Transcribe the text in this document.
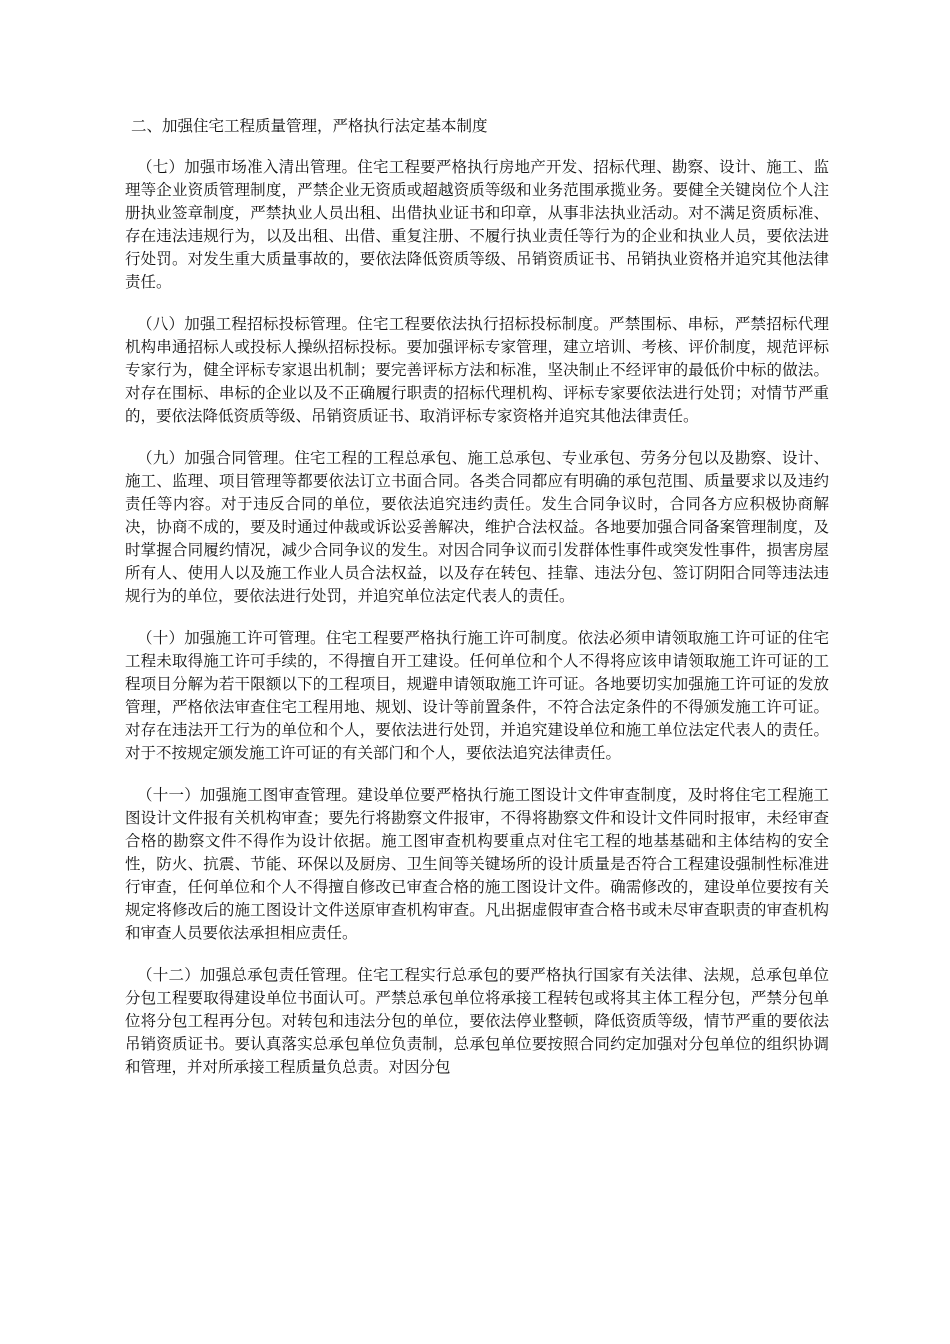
二、加强住宅工程质量管理，严格执行法定基本制度

（七）加强市场准入清出管理。住宅工程要严格执行房地产开发、招标代理、勘察、设计、施工、监理等企业资质管理制度，严禁企业无资质或超越资质等级和业务范围承揽业务。要健全关键岗位个人注册执业签章制度，严禁执业人员出租、出借执业证书和印章，从事非法执业活动。对不满足资质标准、存在违法违规行为，以及出租、出借、重复注册、不履行执业责任等行为的企业和执业人员，要依法进行处罚。对发生重大质量事故的，要依法降低资质等级、吊销资质证书、吊销执业资格并追究其他法律责任。

（八）加强工程招标投标管理。住宅工程要依法执行招标投标制度。严禁围标、串标，严禁招标代理机构串通招标人或投标人操纵招标投标。要加强评标专家管理，建立培训、考核、评价制度，规范评标专家行为，健全评标专家退出机制；要完善评标方法和标准，坚决制止不经评审的最低价中标的做法。对存在围标、串标的企业以及不正确履行职责的招标代理机构、评标专家要依法进行处罚；对情节严重的，要依法降低资质等级、吊销资质证书、取消评标专家资格并追究其他法律责任。

（九）加强合同管理。住宅工程的工程总承包、施工总承包、专业承包、劳务分包以及勘察、设计、施工、监理、项目管理等都要依法订立书面合同。各类合同都应有明确的承包范围、质量要求以及违约责任等内容。对于违反合同的单位，要依法追究违约责任。发生合同争议时，合同各方应积极协商解决，协商不成的，要及时通过仲裁或诉讼妥善解决，维护合法权益。各地要加强合同备案管理制度，及时掌握合同履约情况，减少合同争议的发生。对因合同争议而引发群体性事件或突发性事件，损害房屋所有人、使用人以及施工作业人员合法权益，以及存在转包、挂靠、违法分包、签订阴阳合同等违法违规行为的单位，要依法进行处罚，并追究单位法定代表人的责任。

（十）加强施工许可管理。住宅工程要严格执行施工许可制度。依法必须申请领取施工许可证的住宅工程未取得施工许可手续的，不得擅自开工建设。任何单位和个人不得将应该申请领取施工许可证的工程项目分解为若干限额以下的工程项目，规避申请领取施工许可证。各地要切实加强施工许可证的发放管理，严格依法审查住宅工程用地、规划、设计等前置条件，不符合法定条件的不得颁发施工许可证。对存在违法开工行为的单位和个人，要依法进行处罚，并追究建设单位和施工单位法定代表人的责任。对于不按规定颁发施工许可证的有关部门和个人，要依法追究法律责任。

（十一）加强施工图审查管理。建设单位要严格执行施工图设计文件审查制度，及时将住宅工程施工图设计文件报有关机构审查；要先行将勘察文件报审，不得将勘察文件和设计文件同时报审，未经审查合格的勘察文件不得作为设计依据。施工图审查机构要重点对住宅工程的地基基础和主体结构的安全性，防火、抗震、节能、环保以及厨房、卫生间等关键场所的设计质量是否符合工程建设强制性标准进行审查，任何单位和个人不得擅自修改已审查合格的施工图设计文件。确需修改的，建设单位要按有关规定将修改后的施工图设计文件送原审查机构审查。凡出据虚假审查合格书或未尽审查职责的审查机构和审查人员要依法承担相应责任。

（十二）加强总承包责任管理。住宅工程实行总承包的要严格执行国家有关法律、法规，总承包单位分包工程要取得建设单位书面认可。严禁总承包单位将承接工程转包或将其主体工程分包，严禁分包单位将分包工程再分包。对转包和违法分包的单位，要依法停业整顿，降低资质等级，情节严重的要依法吊销资质证书。要认真落实总承包单位负责制，总承包单位要按照合同约定加强对分包单位的组织协调和管理，并对所承接工程质量负总责。对因分包
